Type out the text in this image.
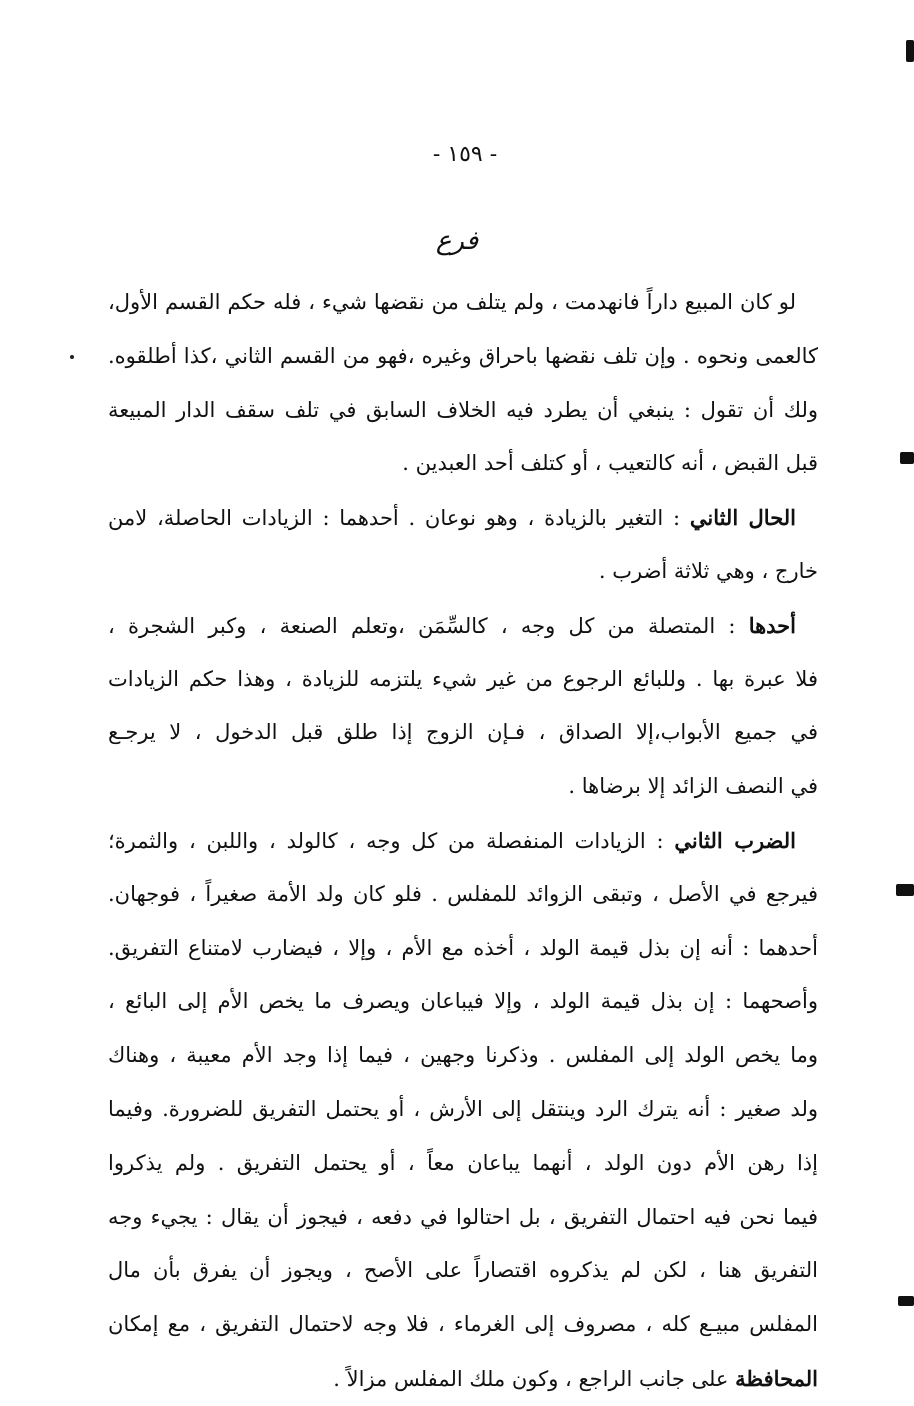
- ١٥٩ -
فرع
لو كان المبيع داراً فانهدمت ، ولم يتلف من نقضها شيء ، فله حكم القسم الأول،
كالعمى ونحوه . وإن تلف نقضها باحراق وغيره ،فهو من القسم الثاني ،كذا أطلقوه.
ولك أن تقول : ينبغي أن يطرد فيه الخلاف السابق في تلف سقف الدار المبيعة
قبل القبض ، أنه كالتعيب ، أو كتلف أحد العبدين .
الحال الثاني : التغير بالزيادة ، وهو نوعان . أحدهما : الزيادات الحاصلة، لامن
خارج ، وهي ثلاثة أضرب .
أحدها : المتصلة من كل وجه ، كالسِّمَن ،وتعلم الصنعة ، وكبر الشجرة ،
فلا عبرة بها . وللبائع الرجوع من غير شيء يلتزمه للزيادة ، وهذا حكم الزيادات
في جميع الأبواب،إلا الصداق ، فـإن الزوج إذا طلق قبل الدخول ، لا يرجـع
في النصف الزائد إلا برضاها .
الضرب الثاني : الزيادات المنفصلة من كل وجه ، كالولد ، واللبن ، والثمرة؛
فيرجع في الأصل ، وتبقى الزوائد للمفلس . فلو كان ولد الأمة صغيراً ، فوجهان.
أحدهما : أنه إن بذل قيمة الولد ، أخذه مع الأم ، وإلا ، فيضارب لامتناع التفريق.
وأصحهما : إن بذل قيمة الولد ، وإلا فيباعان ويصرف ما يخص الأم إلى البائع ،
وما يخص الولد إلى المفلس . وذكرنا وجهين ، فيما إذا وجد الأم معيبة ، وهناك
ولد صغير : أنه يترك الرد وينتقل إلى الأرش ، أو يحتمل التفريق للضرورة. وفيما
إذا رهن الأم دون الولد ، أنهما يباعان معاً ، أو يحتمل التفريق . ولم يذكروا
فيما نحن فيه احتمال التفريق ، بل احتالوا في دفعه ، فيجوز أن يقال : يجيء وجه
التفريق هنا ، لكن لم يذكروه اقتصاراً على الأصح ، ويجوز أن يفرق بأن مال
المفلس مبيـع كله ، مصروف إلى الغرماء ، فلا وجه لاحتمال التفريق ، مع إمكان
المحافظة على جانب الراجع ، وكون ملك المفلس مزالاً .
